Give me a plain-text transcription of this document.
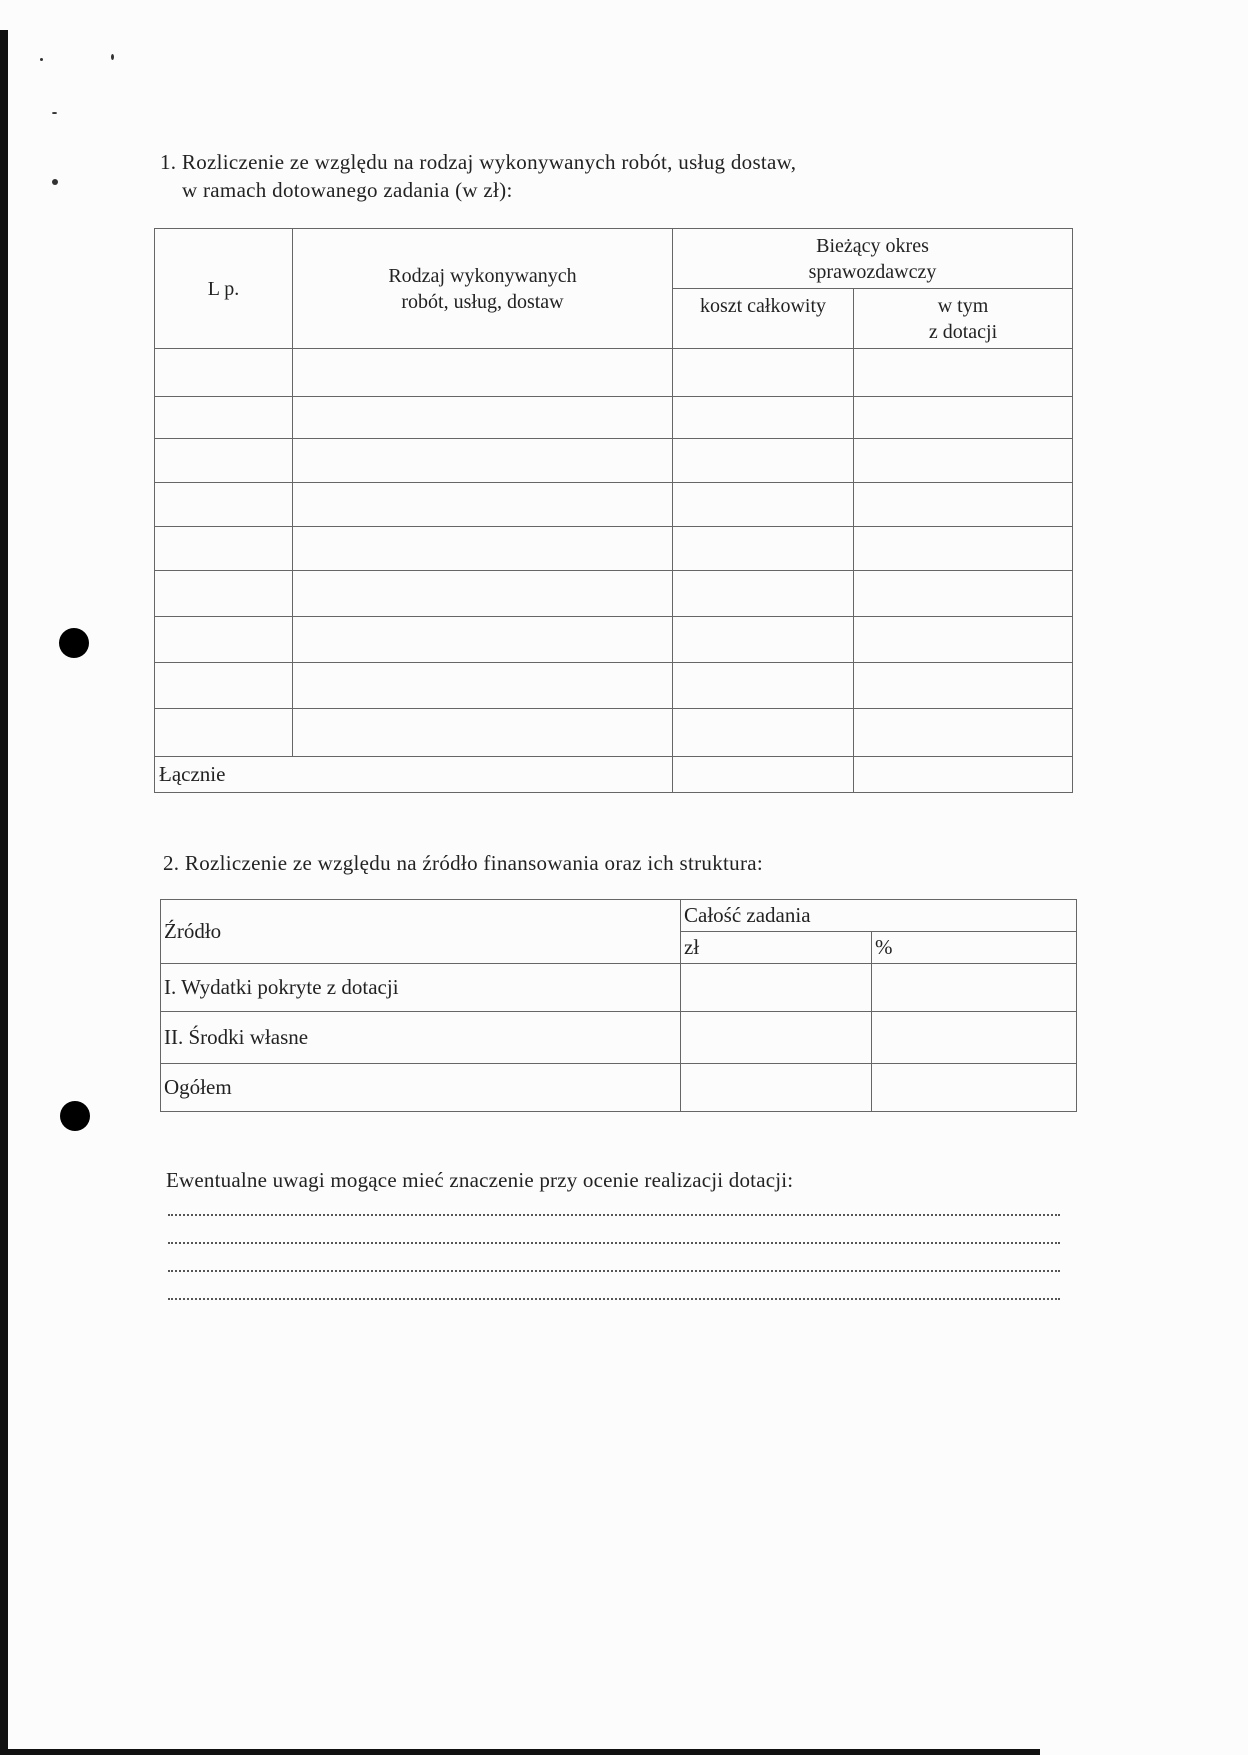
1. Rozliczenie ze względu na rodzaj wykonywanych robót, usług dostaw,
w ramach dotowanego zadania (w zł):
L p.	Rodzaj wykonywanych robót, usług, dostaw	Bieżący okres sprawozdawczy	
		koszt całkowity	w tym
z dotacji

Łącznie			
2. Rozliczenie ze względu na źródło finansowania oraz ich struktura:
Źródło	Całość zadania	
	zł	%
I. Wydatki pokryte z dotacji		
II. Środki własne		
Ogółem		
Ewentualne uwagi mogące mieć znaczenie przy ocenie realizacji dotacji:
